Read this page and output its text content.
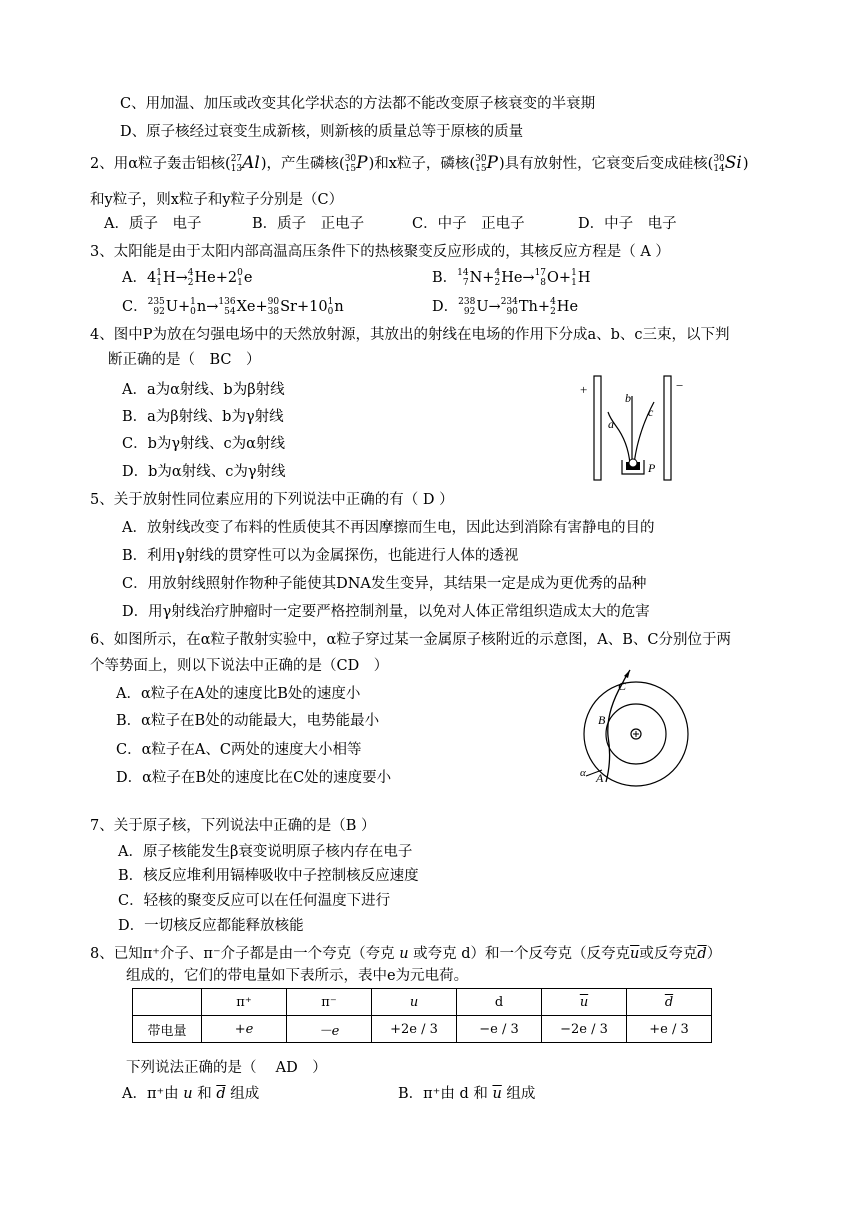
C、用加温、加压或改变其化学状态的方法都不能改变原子核衰变的半衰期
D、原子核经过衰变生成新核，则新核的质量总等于原核的质量
2、用α粒子轰击铝核( 27
13 Al)，产生磷核( 30
15 P)和x粒子，磷核( 30
15 P)具有放射性，它衰变后变成硅核( 30
14 Si)
和y粒子，则x粒子和y粒子分别是（C）
A．质子　电子	B．质子　正电子	C．中子　正电子	D．中子　电子
3、太阳能是由于太阳内部高温高压条件下的热核聚变反应形成的，其核反应方程是（ A ）
A．4 1
1 H→ 4
2 He+2 0
1 e	B． 14
7 N+ 4
2 He→ 17
8 O+ 1
1 H
C． 235
92 U+ 1
0 n→ 136
54 Xe+ 90
38 Sr+10 1
0 n	D． 238
92 U→ 234
90 Th+ 4
2 He
4、图中P为放在匀强电场中的天然放射源，其放出的射线在电场的作用下分成a、b、c三束，以下判
断正确的是（　BC　）
A．a为α射线、b为β射线
B．a为β射线、b为γ射线
C．b为γ射线、c为α射线
D．b为α射线、c为γ射线
+	−
a
b
c
P
5、关于放射性同位素应用的下列说法中正确的有（ D ）
A．放射线改变了布料的性质使其不再因摩擦而生电，因此达到消除有害静电的目的
B．利用γ射线的贯穿性可以为金属探伤，也能进行人体的透视
C．用放射线照射作物种子能使其DNA发生变异，其结果一定是成为更优秀的品种
D．用γ射线治疗肿瘤时一定要严格控制剂量，以免对人体正常组织造成太大的危害
6、如图所示，在α粒子散射实验中，α粒子穿过某一金属原子核附近的示意图，A、B、C分别位于两
个等势面上，则以下说法中正确的是（CD　）
A．α粒子在A处的速度比B处的速度小
B．α粒子在B处的动能最大，电势能最小
C．α粒子在A、C两处的速度大小相等
D．α粒子在B处的速度比在C处的速度要小	α A
B
C
7、关于原子核，下列说法中正确的是（B ）
A．原子核能发生β衰变说明原子核内存在电子
B．核反应堆利用镉棒吸收中子控制核反应速度
C．轻核的聚变反应可以在任何温度下进行
D．一切核反应都能释放核能
8、已知π⁺介子、π⁻介子都是由一个夸克（夸克 u 或夸克 d）和一个反夸克（反夸克$\overline{u}$或反夸克$\overline{d}$）
组成的，它们的带电量如下表所示，表中e为元电荷。
	π⁺	π⁻	u	d	$\overline{u}$	$\overline{d}$
带电量	+e	－e	+2e / 3	−e / 3	−2e / 3	+e / 3
下列说法正确的是（　 AD　）
A．π⁺由 u 和 $\overline{d}$ 组成	B．π⁺由 d 和 $\overline{u}$ 组成
